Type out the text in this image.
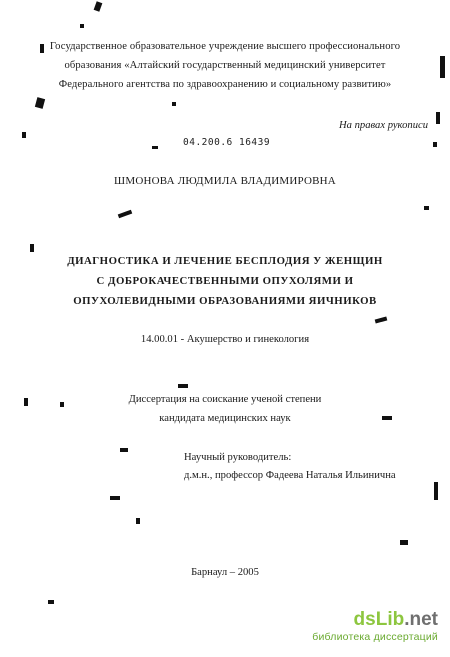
Государственное образовательное учреждение высшего профессионального
образования «Алтайский государственный медицинский университет
Федерального агентства по здравоохранению и социальному развитию»
На правах рукописи
04.200.6 16439
ШМОНОВА ЛЮДМИЛА ВЛАДИМИРОВНА
ДИАГНОСТИКА И ЛЕЧЕНИЕ БЕСПЛОДИЯ У ЖЕНЩИН
С ДОБРОКАЧЕСТВЕННЫМИ ОПУХОЛЯМИ И
ОПУХОЛЕВИДНЫМИ ОБРАЗОВАНИЯМИ ЯИЧНИКОВ
14.00.01 - Акушерство и гинекология
Диссертация на соискание ученой степени
кандидата медицинских наук
Научный руководитель:
д.м.н., профессор Фадеева Наталья Ильинична
Барнаул – 2005
dsLib.net
библиотека диссертаций
